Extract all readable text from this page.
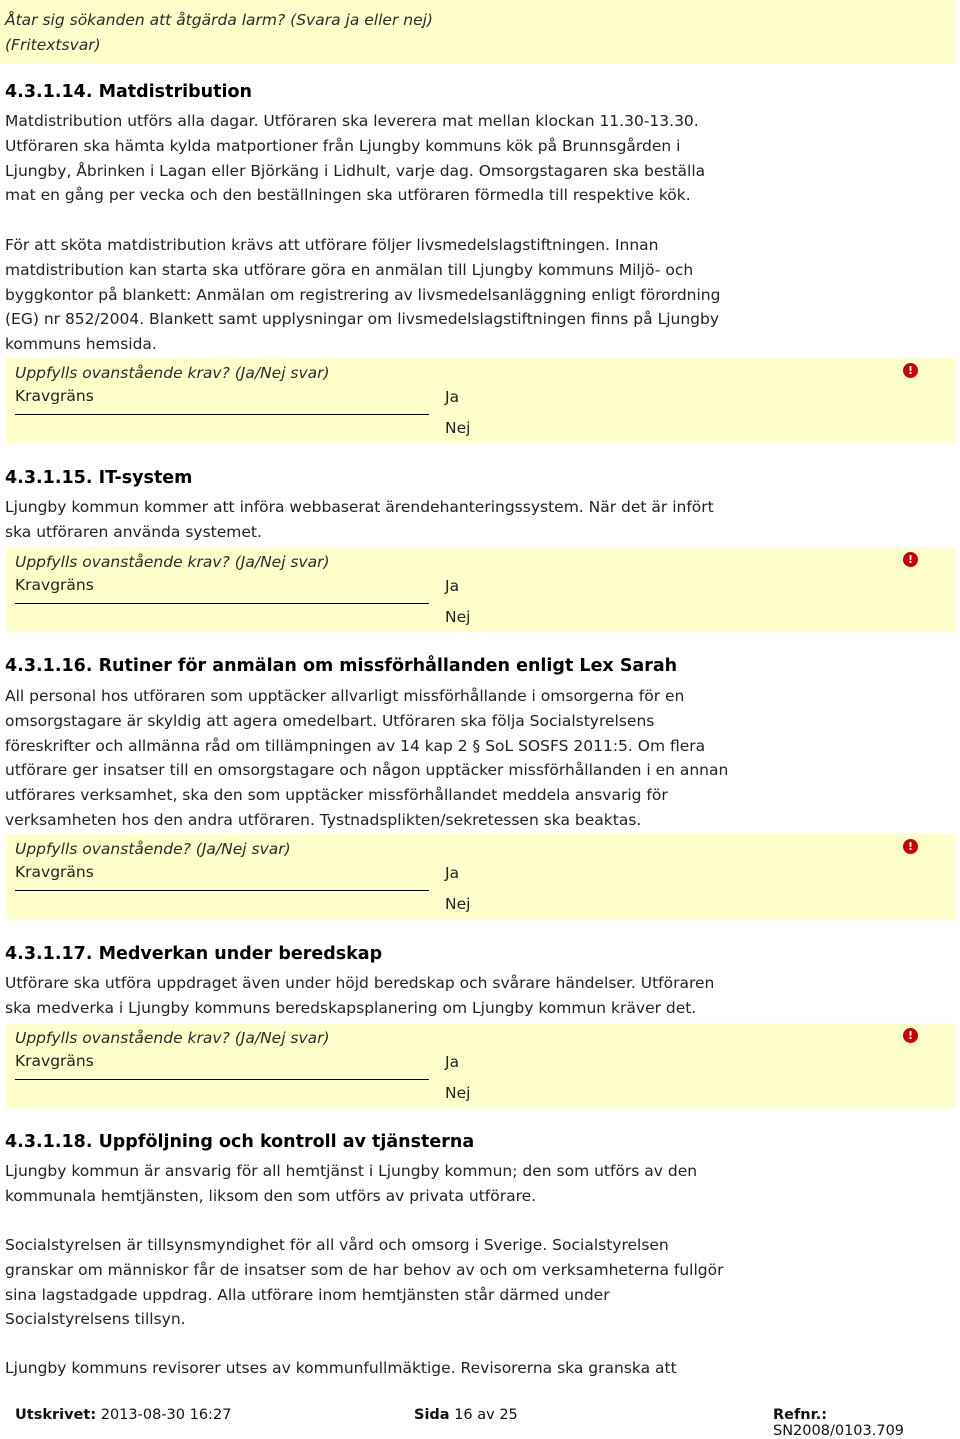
Åtar sig sökanden att åtgärda larm? (Svara ja eller nej)
(Fritextsvar)
4.3.1.14. Matdistribution
Matdistribution utförs alla dagar. Utföraren ska leverera mat mellan klockan 11.30-13.30.
Utföraren ska hämta kylda matportioner från Ljungby kommuns kök på Brunnsgården i
Ljungby, Åbrinken i Lagan eller Björkäng i Lidhult, varje dag. Omsorgstagaren ska beställa
mat en gång per vecka och den beställningen ska utföraren förmedla till respektive kök.
För att sköta matdistribution krävs att utförare följer livsmedelslagstiftningen. Innan
matdistribution kan starta ska utförare göra en anmälan till Ljungby kommuns Miljö- och
byggkontor på blankett: Anmälan om registrering av livsmedelsanläggning enligt förordning
(EG) nr 852/2004. Blankett samt upplysningar om livsmedelslagstiftningen finns på Ljungby
kommuns hemsida.
Uppfylls ovanstående krav? (Ja/Nej svar)
Kravgräns	Ja
Nej
!
4.3.1.15. IT-system
Ljungby kommun kommer att införa webbaserat ärendehanteringssystem. När det är infört
ska utföraren använda systemet.
Uppfylls ovanstående krav? (Ja/Nej svar)
Kravgräns	Ja
Nej
!
4.3.1.16. Rutiner för anmälan om missförhållanden enligt Lex Sarah
All personal hos utföraren som upptäcker allvarligt missförhållande i omsorgerna för en
omsorgstagare är skyldig att agera omedelbart. Utföraren ska följa Socialstyrelsens
föreskrifter och allmänna råd om tillämpningen av 14 kap 2 § SoL SOSFS 2011:5. Om flera
utförare ger insatser till en omsorgstagare och någon upptäcker missförhållanden i en annan
utförares verksamhet, ska den som upptäcker missförhållandet meddela ansvarig för
verksamheten hos den andra utföraren. Tystnadsplikten/sekretessen ska beaktas.
Uppfylls ovanstående? (Ja/Nej svar)
Kravgräns	Ja
Nej
!
4.3.1.17. Medverkan under beredskap
Utförare ska utföra uppdraget även under höjd beredskap och svårare händelser. Utföraren
ska medverka i Ljungby kommuns beredskapsplanering om Ljungby kommun kräver det.
Uppfylls ovanstående krav? (Ja/Nej svar)
Kravgräns	Ja
Nej
!
4.3.1.18. Uppföljning och kontroll av tjänsterna
Ljungby kommun är ansvarig för all hemtjänst i Ljungby kommun; den som utförs av den
kommunala hemtjänsten, liksom den som utförs av privata utförare.
Socialstyrelsen är tillsynsmyndighet för all vård och omsorg i Sverige. Socialstyrelsen
granskar om människor får de insatser som de har behov av och om verksamheterna fullgör
sina lagstadgade uppdrag. Alla utförare inom hemtjänsten står därmed under
Socialstyrelsens tillsyn.
Ljungby kommuns revisorer utses av kommunfullmäktige. Revisorerna ska granska att
Utskrivet: 2013-08-30 16:27	Sida 16 av 25	Refnr.: SN2008/0103.709
